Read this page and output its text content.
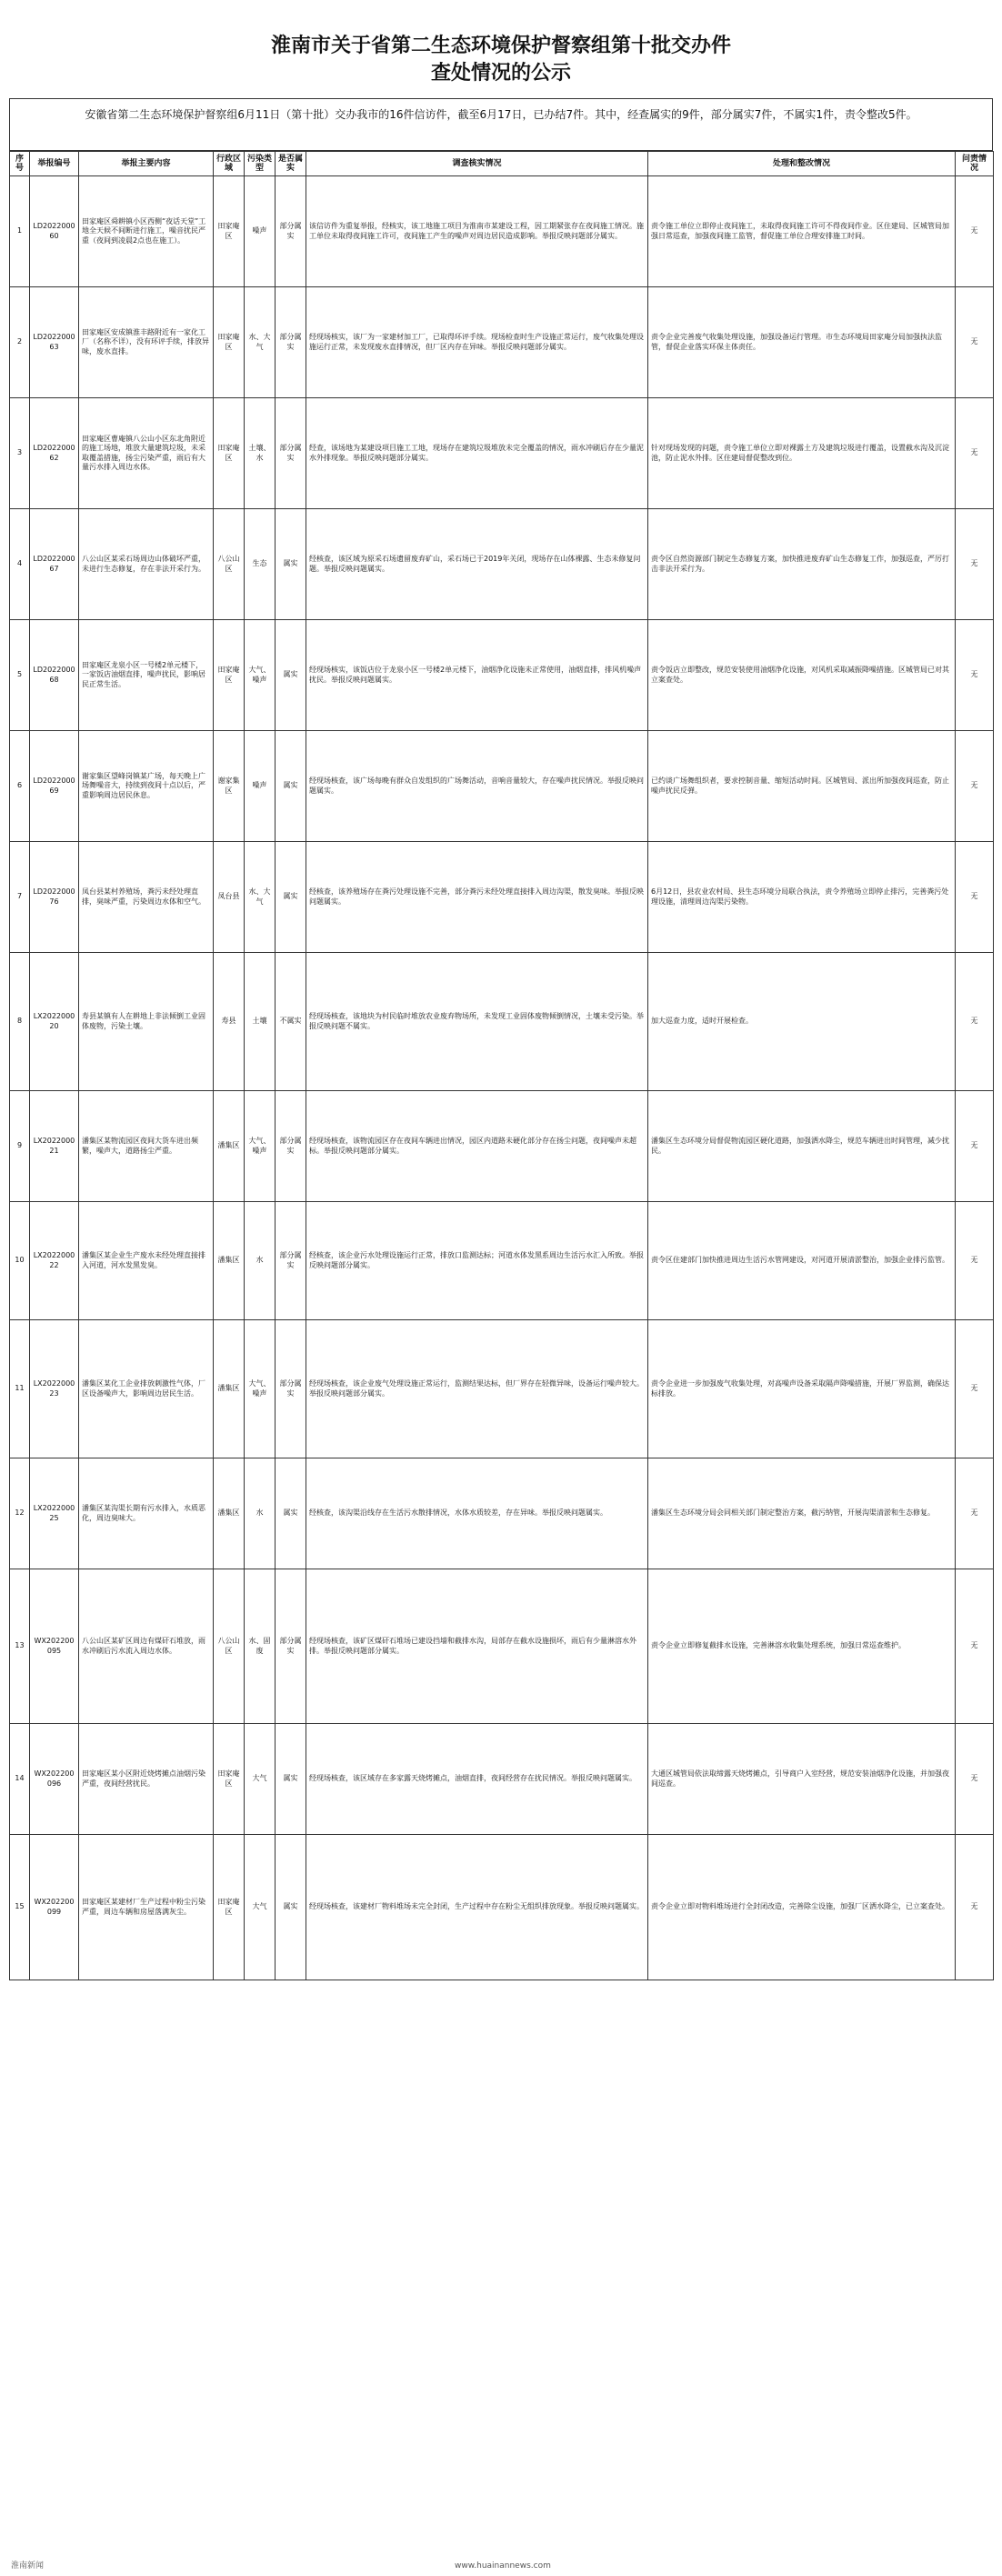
淮南市关于省第二生态环境保护督察组第十批交办件
查处情况的公示
安徽省第二生态环境保护督察组6月11日（第十批）交办我市的16件信访件，截至6月17日，已办结7件。其中，经查属实的9件，部分属实7件，不属实1件，责令整改5件。
序号	举报编号	举报主要内容	行政区域	污染类型	是否属实	调查核实情况	处理和整改情况	问责情况
1	LD202200060	田家庵区舜耕镇小区西侧“夜话天堂”工地全天候不间断进行施工，噪音扰民严重（夜间到凌晨2点也在施工）。	田家庵区	噪声	部分属实	该信访件为重复举报，经核实，该工地施工项目为淮南市某建设工程，因工期紧张存在夜间施工情况。施工单位未取得夜间施工许可，夜间施工产生的噪声对周边居民造成影响。举报反映问题部分属实。	责令施工单位立即停止夜间施工，未取得夜间施工许可不得夜间作业。区住建局、区城管局加强日常巡查，加强夜间施工监管，督促施工单位合理安排施工时间。	无
2	LD202200063	田家庵区安成镇淮丰路附近有一家化工厂（名称不详），没有环评手续，排放异味，废水直排。	田家庵区	水、大气	部分属实	经现场核实，该厂为一家建材加工厂，已取得环评手续。现场检查时生产设施正常运行，废气收集处理设施运行正常，未发现废水直排情况，但厂区内存在异味。举报反映问题部分属实。	责令企业完善废气收集处理设施，加强设备运行管理。市生态环境局田家庵分局加强执法监管，督促企业落实环保主体责任。	无
3	LD202200062	田家庵区曹庵镇八公山小区东北角附近的施工场地，堆放大量建筑垃圾，未采取覆盖措施，扬尘污染严重，雨后有大量污水排入周边水体。	田家庵区	土壤、水	部分属实	经查，该场地为某建设项目施工工地，现场存在建筑垃圾堆放未完全覆盖的情况，雨水冲刷后存在少量泥水外排现象。举报反映问题部分属实。	针对现场发现的问题，责令施工单位立即对裸露土方及建筑垃圾进行覆盖，设置截水沟及沉淀池，防止泥水外排。区住建局督促整改到位。	无
4	LD202200067	八公山区某采石场周边山体破坏严重，未进行生态修复，存在非法开采行为。	八公山区	生态	属实	经核查，该区域为原采石场遗留废弃矿山，采石场已于2019年关闭，现场存在山体裸露、生态未修复问题。举报反映问题属实。	责令区自然资源部门制定生态修复方案，加快推进废弃矿山生态修复工作，加强巡查，严厉打击非法开采行为。	无
5	LD202200068	田家庵区龙泉小区一号楼2单元楼下，一家饭店油烟直排，噪声扰民，影响居民正常生活。	田家庵区	大气、噪声	属实	经现场核实，该饭店位于龙泉小区一号楼2单元楼下，油烟净化设施未正常使用，油烟直排，排风机噪声扰民。举报反映问题属实。	责令饭店立即整改，规范安装使用油烟净化设施，对风机采取减振降噪措施。区城管局已对其立案查处。	无
6	LD202200069	谢家集区望峰岗镇某广场，每天晚上广场舞噪音大，持续到夜间十点以后，严重影响周边居民休息。	谢家集区	噪声	属实	经现场核查，该广场每晚有群众自发组织的广场舞活动，音响音量较大，存在噪声扰民情况。举报反映问题属实。	已约谈广场舞组织者，要求控制音量、缩短活动时间。区城管局、派出所加强夜间巡查，防止噪声扰民反弹。	无
7	LD202200076	凤台县某村养殖场，粪污未经处理直排，臭味严重，污染周边水体和空气。	凤台县	水、大气	属实	经核查，该养殖场存在粪污处理设施不完善，部分粪污未经处理直接排入周边沟渠，散发臭味。举报反映问题属实。	6月12日，县农业农村局、县生态环境分局联合执法，责令养殖场立即停止排污，完善粪污处理设施，清理周边沟渠污染物。	无
8	LX202200020	寿县某镇有人在耕地上非法倾倒工业固体废物，污染土壤。	寿县	土壤	不属实	经现场核查，该地块为村民临时堆放农业废弃物场所，未发现工业固体废物倾倒情况，土壤未受污染。举报反映问题不属实。	加大巡查力度，适时开展检查。	无
9	LX202200021	潘集区某物流园区夜间大货车进出频繁，噪声大，道路扬尘严重。	潘集区	大气、噪声	部分属实	经现场核查，该物流园区存在夜间车辆进出情况，园区内道路未硬化部分存在扬尘问题，夜间噪声未超标。举报反映问题部分属实。	潘集区生态环境分局督促物流园区硬化道路，加强洒水降尘，规范车辆进出时间管理，减少扰民。	无
10	LX202200022	潘集区某企业生产废水未经处理直接排入河道，河水发黑发臭。	潘集区	水	部分属实	经核查，该企业污水处理设施运行正常，排放口监测达标；河道水体发黑系周边生活污水汇入所致。举报反映问题部分属实。	责令区住建部门加快推进周边生活污水管网建设，对河道开展清淤整治，加强企业排污监管。	无
11	LX202200023	潘集区某化工企业排放刺激性气体，厂区设备噪声大，影响周边居民生活。	潘集区	大气、噪声	部分属实	经现场核查，该企业废气处理设施正常运行，监测结果达标，但厂界存在轻微异味，设备运行噪声较大。举报反映问题部分属实。	责令企业进一步加强废气收集处理，对高噪声设备采取隔声降噪措施，开展厂界监测，确保达标排放。	无
12	LX202200025	潘集区某沟渠长期有污水排入，水质恶化，周边臭味大。	潘集区	水	属实	经核查，该沟渠沿线存在生活污水散排情况，水体水质较差，存在异味。举报反映问题属实。	潘集区生态环境分局会同相关部门制定整治方案，截污纳管，开展沟渠清淤和生态修复。	无
13	WX202200095	八公山区某矿区周边有煤矸石堆放，雨水冲刷后污水流入周边水体。	八公山区	水、固废	部分属实	经现场核查，该矿区煤矸石堆场已建设挡墙和截排水沟，局部存在截水设施损坏，雨后有少量淋溶水外排。举报反映问题部分属实。	责令企业立即修复截排水设施，完善淋溶水收集处理系统，加强日常巡查维护。	无
14	WX202200096	田家庵区某小区附近烧烤摊点油烟污染严重，夜间经营扰民。	田家庵区	大气	属实	经现场核查，该区域存在多家露天烧烤摊点，油烟直排，夜间经营存在扰民情况。举报反映问题属实。	大通区城管局依法取缔露天烧烤摊点，引导商户入室经营，规范安装油烟净化设施，并加强夜间巡查。	无
15	WX202200099	田家庵区某建材厂生产过程中粉尘污染严重，周边车辆和房屋落满灰尘。	田家庵区	大气	属实	经现场核查，该建材厂物料堆场未完全封闭，生产过程中存在粉尘无组织排放现象。举报反映问题属实。	责令企业立即对物料堆场进行全封闭改造，完善除尘设施，加强厂区洒水降尘，已立案查处。	无
淮南新闻	www.huainannews.com
